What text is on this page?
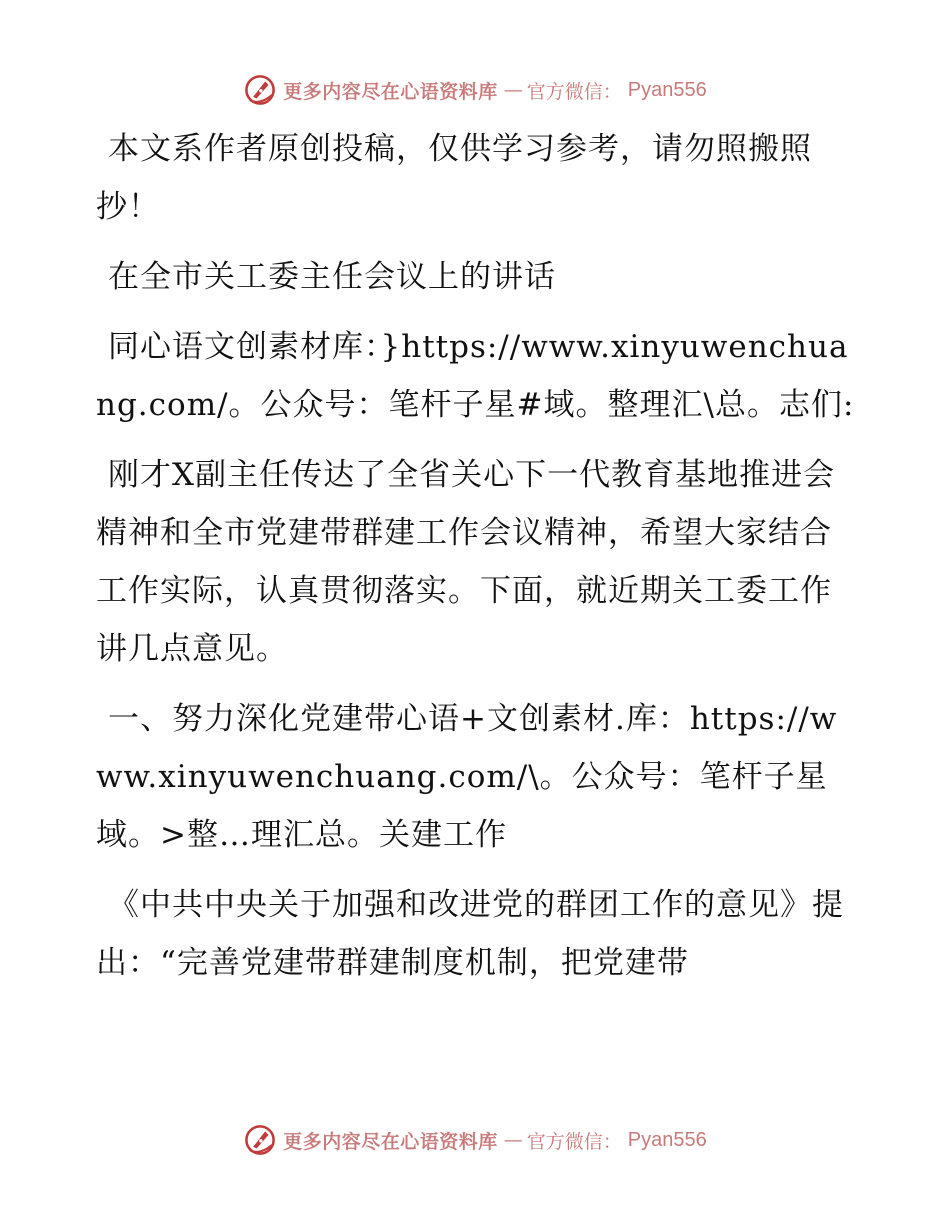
更多内容尽在心语资料库 — 官方微信： Pyan556

本文系作者原创投稿，仅供学习参考，请勿照搬照抄！

在全市关工委主任会议上的讲话

同心语文创素材库：}https://www.xinyuwenchuang.com/。公众号：笔杆子星#域。整理汇\总。志们:

刚才X副主任传达了全省关心下一代教育基地推进会精神和全市党建带群建工作会议精神，希望大家结合工作实际，认真贯彻落实。下面，就近期关工委工作讲几点意见。

一、努力深化党建带心语+文创素材.库：https://www.xinyuwenchuang.com/\。公众号：笔杆子星域。>整…理汇总。关建工作

《中共中央关于加强和改进党的群团工作的意见》提出：“完善党建带群建制度机制，把党建带

更多内容尽在心语资料库 — 官方微信： Pyan556
